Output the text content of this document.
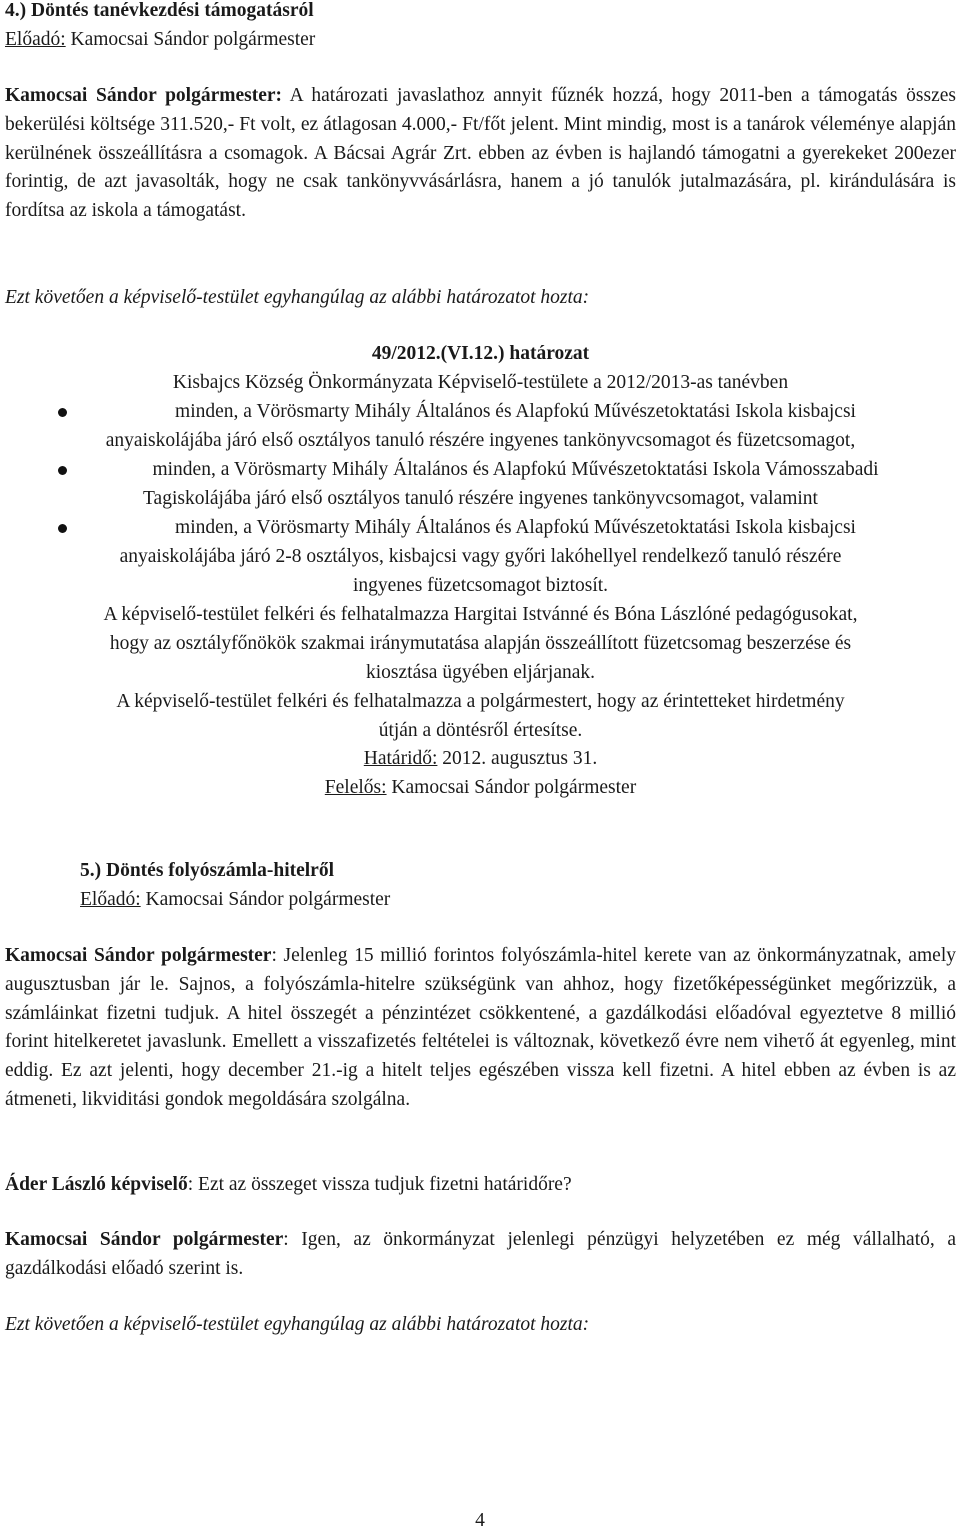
4.) Döntés tanévkezdési támogatásról
Előadó: Kamocsai Sándor polgármester
Kamocsai Sándor polgármester: A határozati javaslathoz annyit fűznék hozzá, hogy 2011-ben a támogatás összes bekerülési költsége 311.520,- Ft volt, ez átlagosan 4.000,- Ft/főt jelent. Mint mindig, most is a tanárok véleménye alapján kerülnének összeállításra a csomagok. A Bácsai Agrár Zrt. ebben az évben is hajlandó támogatni a gyerekeket 200ezer forintig, de azt javasolták, hogy ne csak tankönyvvásárlásra, hanem a jó tanulók jutalmazására, pl. kirándulására is fordítsa az iskola a támogatást.
Ezt követően a képviselő-testület egyhangúlag az alábbi határozatot hozta:
49/2012.(VI.12.) határozat
Kisbajcs Község Önkormányzata Képviselő-testülete a 2012/2013-as tanévben
minden, a Vörösmarty Mihály Általános és Alapfokú Művészetoktatási Iskola kisbajcsi
anyaiskolájába járó első osztályos tanuló részére ingyenes tankönyvcsomagot és füzetcsomagot,
minden, a Vörösmarty Mihály Általános és Alapfokú Művészetoktatási Iskola Vámosszabadi
Tagiskolájába járó első osztályos tanuló részére ingyenes tankönyvcsomagot, valamint
minden, a Vörösmarty Mihály Általános és Alapfokú Művészetoktatási Iskola kisbajcsi
anyaiskolájába járó 2-8 osztályos, kisbajcsi vagy győri lakóhellyel rendelkező tanuló részére
ingyenes füzetcsomagot biztosít.
A képviselő-testület felkéri és felhatalmazza Hargitai Istvánné és Bóna Lászlóné pedagógusokat,
hogy az osztályfőnökök szakmai iránymutatása alapján összeállított füzetcsomag beszerzése és
kiosztása ügyében eljárjanak.
A képviselő-testület felkéri és felhatalmazza a polgármestert, hogy az érintetteket hirdetmény
útján a döntésről értesítse.
Határidő: 2012. augusztus 31.
Felelős: Kamocsai Sándor polgármester
5.) Döntés folyószámla-hitelről
Előadó: Kamocsai Sándor polgármester
Kamocsai Sándor polgármester: Jelenleg 15 millió forintos folyószámla-hitel kerete van az önkormányzatnak, amely augusztusban jár le. Sajnos, a folyószámla-hitelre szükségünk van ahhoz, hogy fizetőképességünket megőrizzük, a számláinkat fizetni tudjuk. A hitel összegét a pénzintézet csökkentené, a gazdálkodási előadóval egyeztetve 8 millió forint hitelkeretet javaslunk. Emellett a visszafizetés feltételei is változnak, következő évre nem viheτő át egyenleg, mint eddig. Ez azt jelenti, hogy december 21.-ig a hitelt teljes egészében vissza kell fizetni. A hitel ebben az évben is az átmeneti, likviditási gondok megoldására szolgálna.
Áder László képviselő: Ezt az összeget vissza tudjuk fizetni határidőre?
Kamocsai Sándor polgármester: Igen, az önkormányzat jelenlegi pénzügyi helyzetében ez még vállalható, a gazdálkodási előadó szerint is.
Ezt követően a képviselő-testület egyhangúlag az alábbi határozatot hozta:
4
